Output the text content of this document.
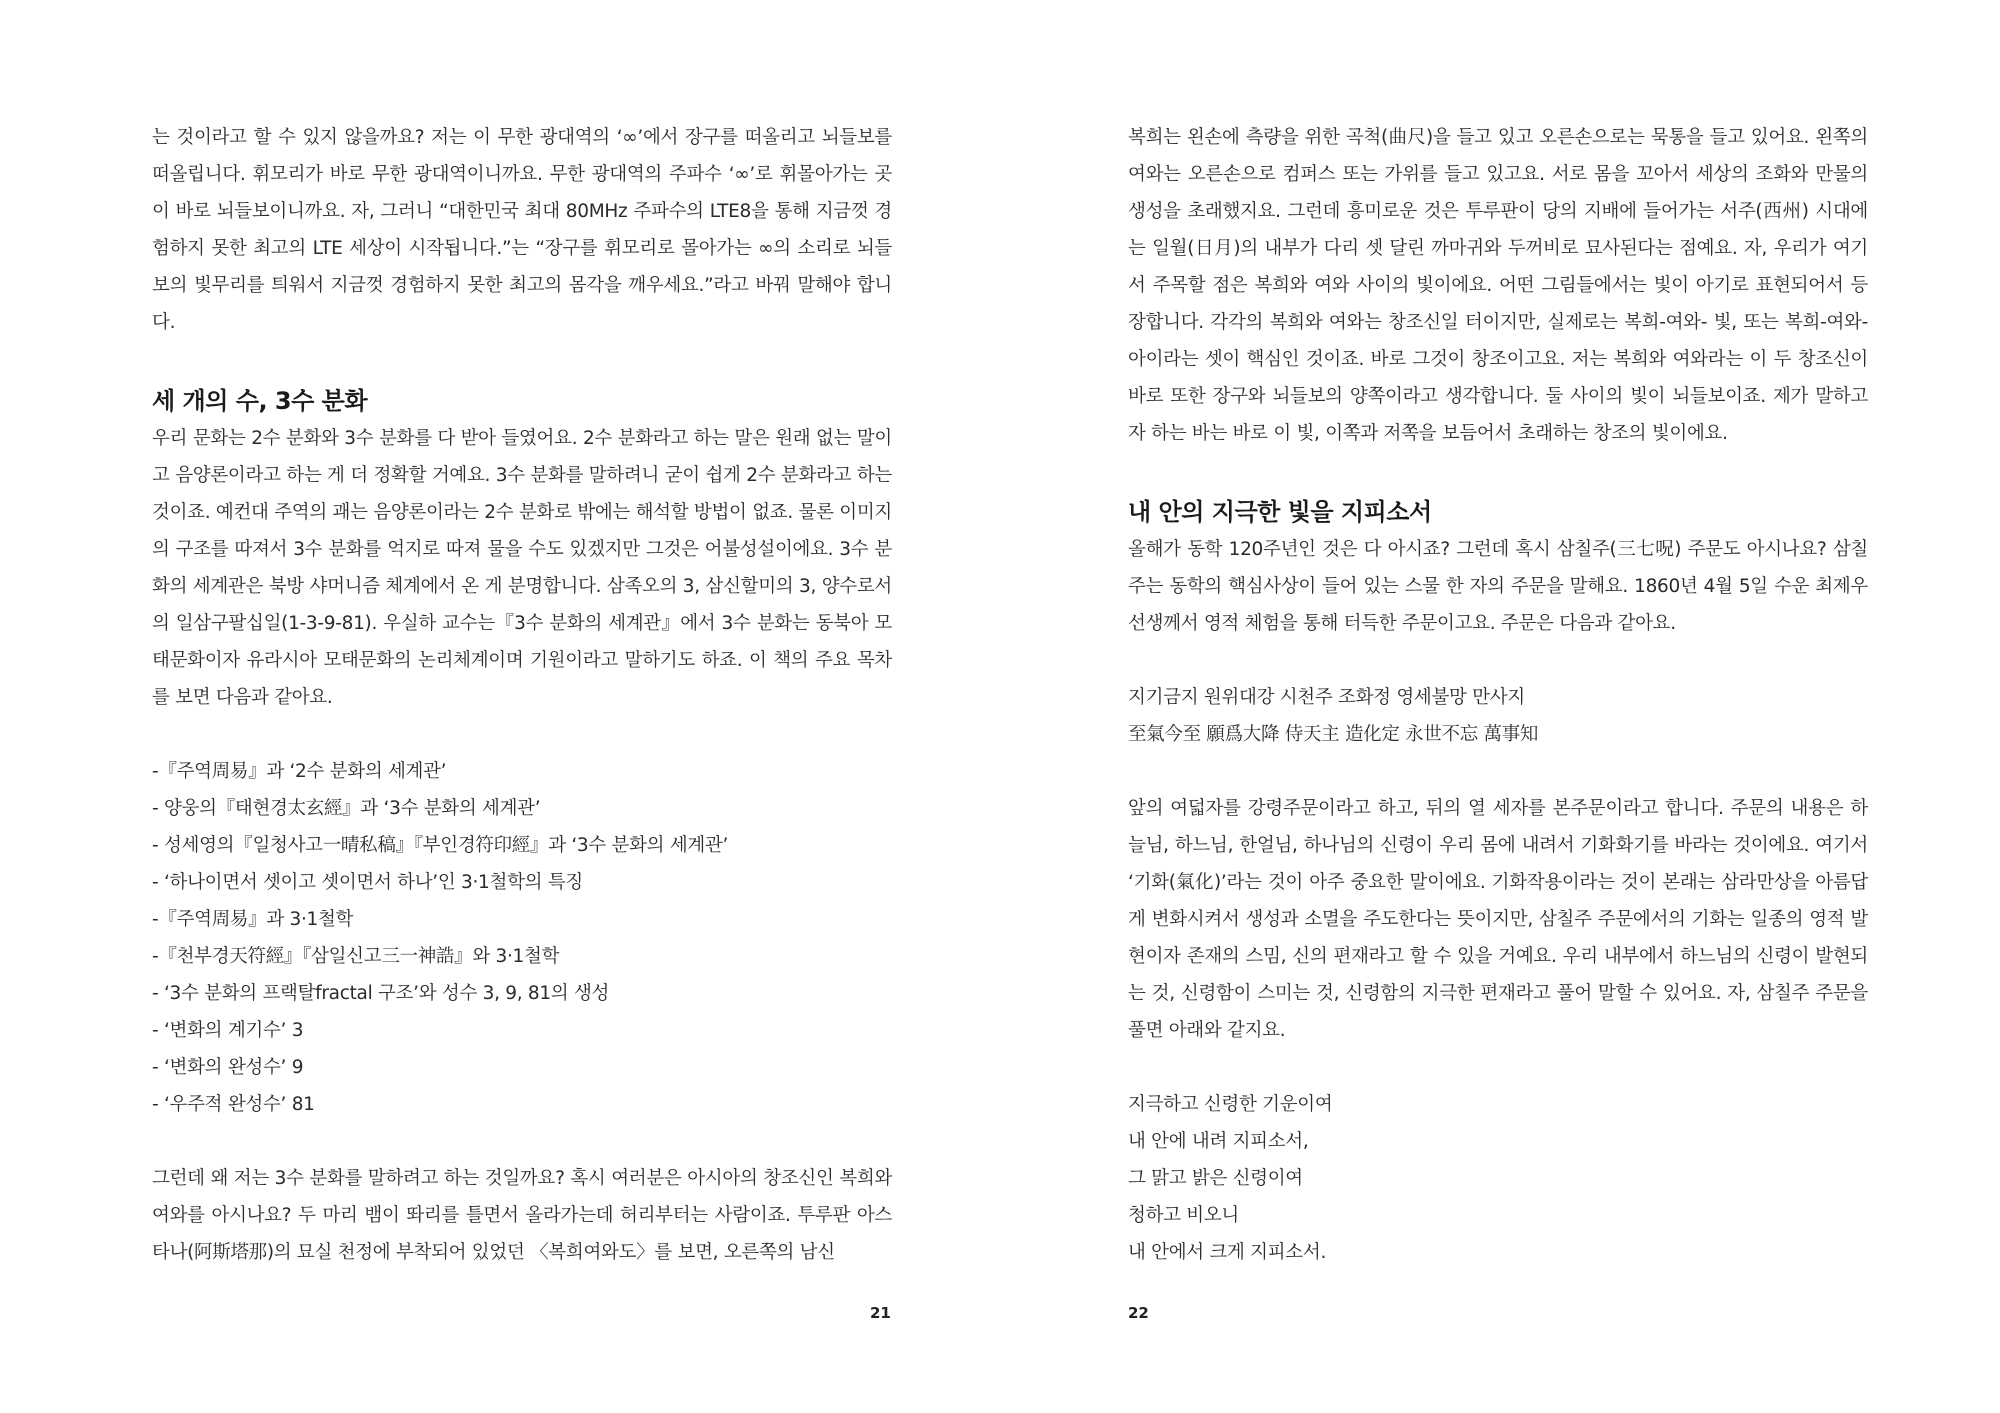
는 것이라고 할 수 있지 않을까요? 저는 이 무한 광대역의 ‘∞’에서 장구를 떠올리고 뇌들보를 떠올립니다. 휘모리가 바로 무한 광대역이니까요. 무한 광대역의 주파수 ‘∞’로 휘몰아가는 곳이 바로 뇌들보이니까요. 자, 그러니 “대한민국 최대 80MHz 주파수의 LTE8을 통해 지금껏 경험하지 못한 최고의 LTE 세상이 시작됩니다.”는 “장구를 휘모리로 몰아가는 ∞의 소리로 뇌들보의 빛무리를 틔워서 지금껏 경험하지 못한 최고의 몸각을 깨우세요.”라고 바꿔 말해야 합니다.

세 개의 수, 3수 분화

우리 문화는 2수 분화와 3수 분화를 다 받아 들였어요. 2수 분화라고 하는 말은 원래 없는 말이고 음양론이라고 하는 게 더 정확할 거예요. 3수 분화를 말하려니 굳이 쉽게 2수 분화라고 하는 것이죠. 예컨대 주역의 괘는 음양론이라는 2수 분화로 밖에는 해석할 방법이 없죠. 물론 이미지의 구조를 따져서 3수 분화를 억지로 따져 물을 수도 있겠지만 그것은 어불성설이에요. 3수 분화의 세계관은 북방 샤머니즘 체계에서 온 게 분명합니다. 삼족오의 3, 삼신할미의 3, 양수로서의 일삼구팔십일(1-3-9-81). 우실하 교수는『3수 분화의 세계관』에서 3수 분화는 동북아 모태문화이자 유라시아 모태문화의 논리체계이며 기원이라고 말하기도 하죠. 이 책의 주요 목차를 보면 다음과 같아요.

-『주역周易』과 ‘2수 분화의 세계관’

- 양웅의『태현경太玄經』과 ‘3수 분화의 세계관’

- 성세영의『일청사고一晴私稿』『부인경符印經』과 ‘3수 분화의 세계관’

- ‘하나이면서 셋이고 셋이면서 하나’인 3·1철학의 특징

-『주역周易』과 3·1철학

-『천부경天符經』『삼일신고三一神誥』와 3·1철학

- ‘3수 분화의 프랙탈fractal 구조’와 성수 3, 9, 81의 생성

- ‘변화의 계기수’ 3

- ‘변화의 완성수’ 9

- ‘우주적 완성수’ 81

그런데 왜 저는 3수 분화를 말하려고 하는 것일까요? 혹시 여러분은 아시아의 창조신인 복희와 여와를 아시나요? 두 마리 뱀이 똬리를 틀면서 올라가는데 허리부터는 사람이죠. 투루판 아스타나(阿斯塔那)의 묘실 천정에 부착되어 있었던 〈복희여와도〉를 보면, 오른쪽의 남신

21

복희는 왼손에 측량을 위한 곡척(曲尺)을 들고 있고 오른손으로는 묵통을 들고 있어요. 왼쪽의 여와는 오른손으로 컴퍼스 또는 가위를 들고 있고요. 서로 몸을 꼬아서 세상의 조화와 만물의 생성을 초래했지요. 그런데 흥미로운 것은 투루판이 당의 지배에 들어가는 서주(西州) 시대에는 일월(日月)의 내부가 다리 셋 달린 까마귀와 두꺼비로 묘사된다는 점예요. 자, 우리가 여기서 주목할 점은 복희와 여와 사이의 빛이에요. 어떤 그림들에서는 빛이 아기로 표현되어서 등장합니다. 각각의 복희와 여와는 창조신일 터이지만, 실제로는 복희-여와- 빛, 또는 복희-여와-아이라는 셋이 핵심인 것이죠. 바로 그것이 창조이고요. 저는 복희와 여와라는 이 두 창조신이 바로 또한 장구와 뇌들보의 양쪽이라고 생각합니다. 둘 사이의 빛이 뇌들보이죠. 제가 말하고자 하는 바는 바로 이 빛, 이쪽과 저쪽을 보듬어서 초래하는 창조의 빛이에요.

내 안의 지극한 빛을 지피소서

올해가 동학 120주년인 것은 다 아시죠? 그런데 혹시 삼칠주(三七呪) 주문도 아시나요? 삼칠주는 동학의 핵심사상이 들어 있는 스물 한 자의 주문을 말해요. 1860년 4월 5일 수운 최제우 선생께서 영적 체험을 통해 터득한 주문이고요. 주문은 다음과 같아요.

지기금지 원위대강 시천주 조화정 영세불망 만사지

至氣今至 願爲大降 侍天主 造化定 永世不忘 萬事知

앞의 여덟자를 강령주문이라고 하고, 뒤의 열 세자를 본주문이라고 합니다. 주문의 내용은 하늘님, 하느님, 한얼님, 하나님의 신령이 우리 몸에 내려서 기화화기를 바라는 것이에요. 여기서 ‘기화(氣化)’라는 것이 아주 중요한 말이에요. 기화작용이라는 것이 본래는 삼라만상을 아름답게 변화시켜서 생성과 소멸을 주도한다는 뜻이지만, 삼칠주 주문에서의 기화는 일종의 영적 발현이자 존재의 스밈, 신의 편재라고 할 수 있을 거예요. 우리 내부에서 하느님의 신령이 발현되는 것, 신령함이 스미는 것, 신령함의 지극한 편재라고 풀어 말할 수 있어요. 자, 삼칠주 주문을 풀면 아래와 같지요.

지극하고 신령한 기운이여

내 안에 내려 지피소서,

그 맑고 밝은 신령이여

청하고 비오니

내 안에서 크게 지피소서.

22
